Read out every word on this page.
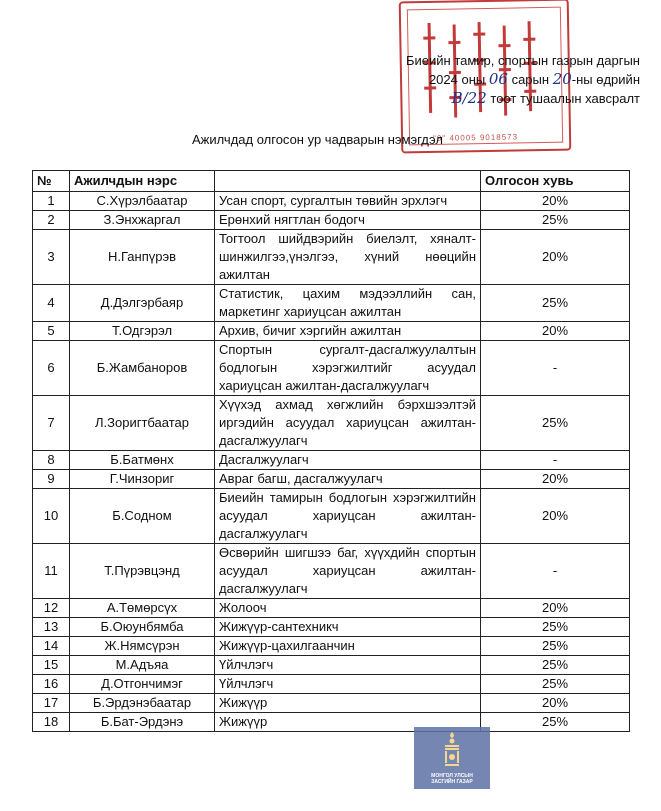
"9" 40005 9018573
Биеийн тамир, спортын газрын даргын
2024 оны 06 сарын 20-ны өдрийн
В/22 тоот тушаалын хавсралт
Ажилчдад олгосон ур чадварын нэмэгдэл
№	Ажилчдын нэрс		Олгосон хувь
1	С.Хүрэлбаатар	Усан спорт, сургалтын төвийн эрхлэгч	20%
2	З.Энхжаргал	Ерөнхий нягтлан бодогч	25%
3	Н.Ганпүрэв	Тогтоол шийдвэрийн биелэлт, хяналт-шинжилгээ,үнэлгээ, хүний нөөцийн ажилтан	20%
4	Д.Дэлгэрбаяр	Статистик, цахим мэдээллийн сан, маркетинг хариуцсан ажилтан	25%
5	Т.Одгэрэл	Архив, бичиг хэргийн ажилтан	20%
6	Б.Жамбаноров	Спортын сургалт-дасгалжуулалтын бодлогын хэрэгжилтийг асуудал хариуцсан ажилтан-дасгалжуулагч	-
7	Л.Зоригтбаатар	Хүүхэд ахмад хөгжлийн бэрхшээлтэй иргэдийн асуудал хариуцсан ажилтан-дасгалжуулагч	25%
8	Б.Батмөнх	Дасгалжуулагч	-
9	Г.Чинзориг	Авраг багш, дасгалжуулагч	20%
10	Б.Содном	Биеийн тамирын бодлогын хэрэгжилтийн асуудал хариуцсан ажилтан-дасгалжуулагч	20%
11	Т.Пүрэвцэнд	Өсвөрийн шигшээ баг, хүүхдийн спортын асуудал хариуцсан ажилтан-дасгалжуулагч	-
12	А.Төмөрсүх	Жолооч	20%
13	Б.Оюунбямба	Жижүүр-сантехникч	25%
14	Ж.Нямсүрэн	Жижүүр-цахилгаанчин	25%
15	М.Адъяа	Үйлчлэгч	25%
16	Д.Отгончимэг	Үйлчлэгч	25%
17	Б.Эрдэнэбаатар	Жижүүр	20%
18	Б.Бат-Эрдэнэ	Жижүүр	25%
МОНГОЛ УЛСЫН
ЗАСГИЙН ГАЗАР
